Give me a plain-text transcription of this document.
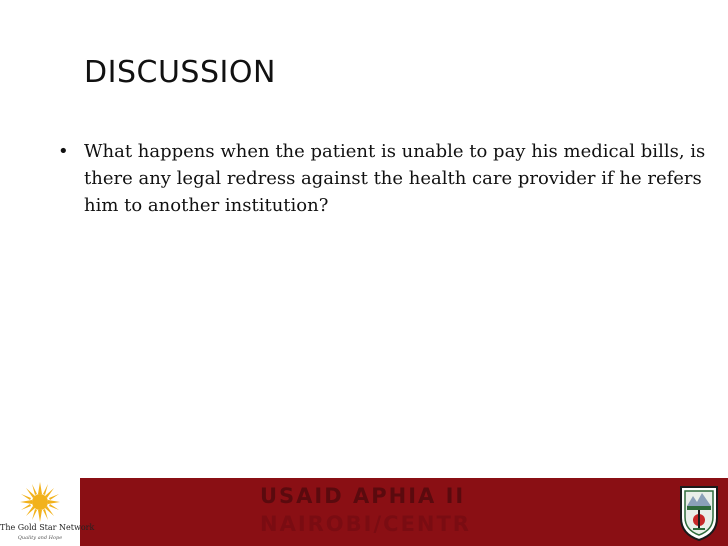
DISCUSSION
• What happens when the patient is unable to pay his medical bills, is there any legal redress against the health care provider if he refers him to another institution?
The Gold Star Network
Quality and Hope
USAID APHIA II
NAIROBI/CENTR
